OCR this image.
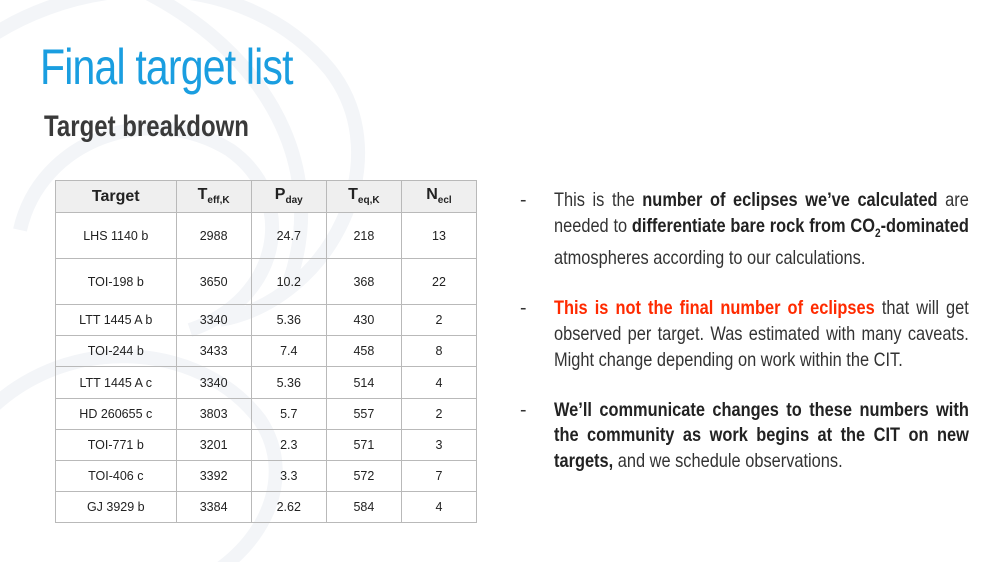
Final target list
Target breakdown
Target	$T_{eff,K}$	$P_{day}$	$T_{eq,K}$	$N_{ecl}$
LHS 1140 b	2988	24.7	218	13
TOI-198 b	3650	10.2	368	22
LTT 1445 A b	3340	5.36	430	2
TOI-244 b	3433	7.4	458	8
LTT 1445 A c	3340	5.36	514	4
HD 260655 c	3803	5.7	557	2
TOI-771 b	3201	2.3	571	3
TOI-406 c	3392	3.3	572	7
GJ 3929 b	3384	2.62	584	4
- This is the number of eclipses we’ve calculated are needed to differentiate bare rock from $CO_2$-dominated atmospheres according to our calculations.
- This is not the final number of eclipses that will get observed per target. Was estimated with many caveats. Might change depending on work within the CIT.
- We’ll communicate changes to these numbers with the community as work begins at the CIT on new targets, and we schedule observations.
